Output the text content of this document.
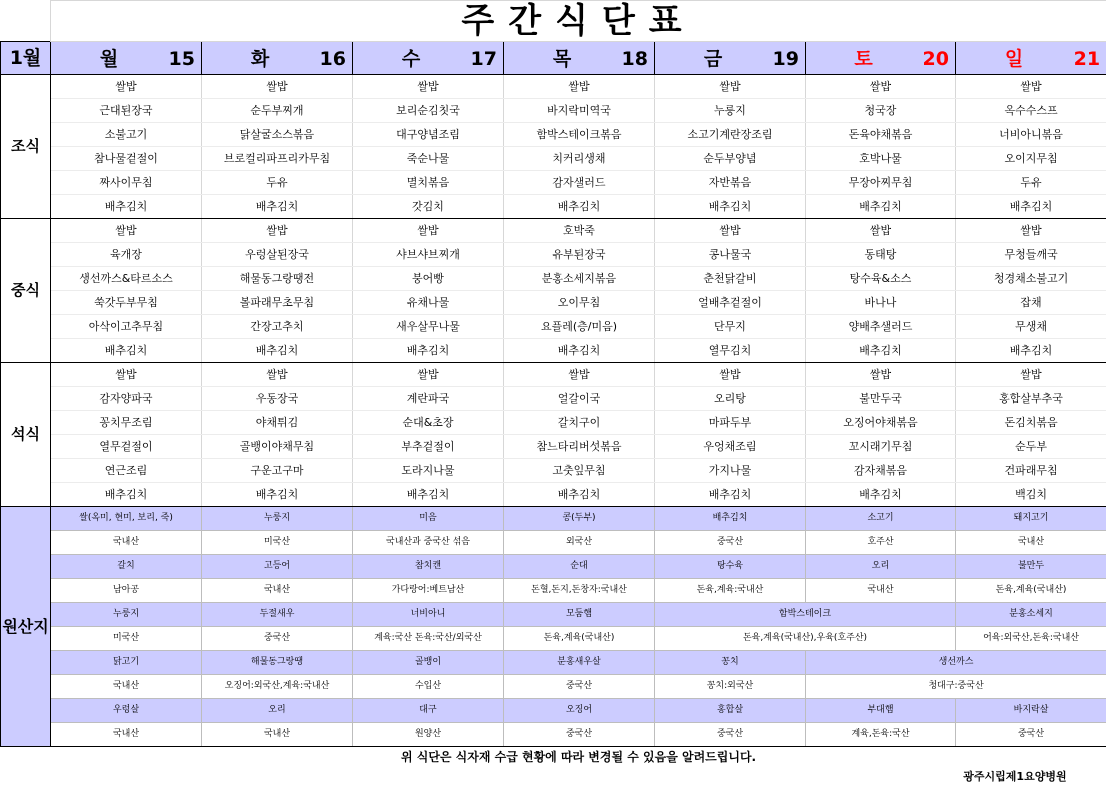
	주간식단표						
1월	월 15	화 16	수 17	목 18	금 19	토 20	일 21

조식	쌀밥	쌀밥	쌀밥	쌀밥	쌀밥	쌀밥	쌀밥
	근대된장국	순두부찌개	보리순김칫국	바지락미역국	누룽지	청국장	옥수수스프
	소불고기	닭살굴소스볶음	대구양념조림	함박스테이크볶음	소고기계란장조림	돈육야채볶음	너비아니볶음
	참나물겉절이	브로컬리파프리카무침	죽순나물	치커리생채	순두부양념	호박나물	오이지무침
	짜사이무침	두유	멸치볶음	감자샐러드	자반볶음	무장아찌무침	두유
	배추김치	배추김치	갓김치	배추김치	배추김치	배추김치	배추김치
중식	쌀밥	쌀밥	쌀밥	호박죽	쌀밥	쌀밥	쌀밥
	육개장	우렁살된장국	샤브샤브찌개	유부된장국	콩나물국	동태탕	무청들깨국
	생선까스&타르소스	해물동그랑땡전	붕어빵	분홍소세지볶음	춘천닭갈비	탕수육&소스	청경채소불고기
	쑥갓두부무침	볼파래무초무침	유채나물	오이무침	얼배추겉절이	바나나	잡채
	아삭이고추무침	간장고추치	새우살무나물	요플레(층/미음)	단무지	양배추샐러드	무생채
	배추김치	배추김치	배추김치	배추김치	열무김치	배추김치	배추김치
석식	쌀밥	쌀밥	쌀밥	쌀밥	쌀밥	쌀밥	쌀밥
	감자양파국	우동장국	계란파국	얼갈이국	오리탕	불만두국	홍합살부추국
	꽁치무조림	야채튀김	순대&초장	갈치구이	마파두부	오징어야채볶음	돈김치볶음
	열무겉절이	골뱅이야채무침	부추겉절이	참느타리버섯볶음	우엉채조림	꼬시래기무침	순두부
	연근조림	구운고구마	도라지나물	고춧잎무침	가지나물	감자채볶음	건파래무침
	배추김치	배추김치	배추김치	배추김치	배추김치	배추김치	백김치
원산지	쌀(옥미, 현미, 보리, 죽)	누룽지	미음	콩(두부)	배추김치	소고기	돼지고기
	국내산	미국산	국내산과 중국산 섞음	외국산	중국산	호주산	국내산
	갈치	고등어	참치캔	순대	탕수육	오리	불만두
	남아공	국내산	가다랑어:베트남산	돈혈,돈지,돈창자:국내산	돈육,계육:국내산	국내산	돈육,계육(국내산)
	누룽지	두절새우	너비아니	모둠햄	함박스테이크		분홍소세지
	미국산	중국산	계육:국산 돈육:국산/외국산	돈육,계육(국내산)	돈육,계육(국내산),우육(호주산)		어육:외국산,돈육:국내산
	닭고기	해물동그랑땡	골뱅이	분홍새우살	꽁치	생선까스	
	국내산	오징어:외국산,계육:국내산	수입산	중국산	꽁치:외국산	청대구:중국산	
	우렁살	오리	대구	오징어	홍합살	부대햄	바지락살
	국내산	국내산	원양산	중국산	중국산	계육,돈육:국산	중국산
	위 식단은 식자재 수급 현황에 따라 변경될 수 있음을 알려드립니다.						
	광주시립제1요양병원						
